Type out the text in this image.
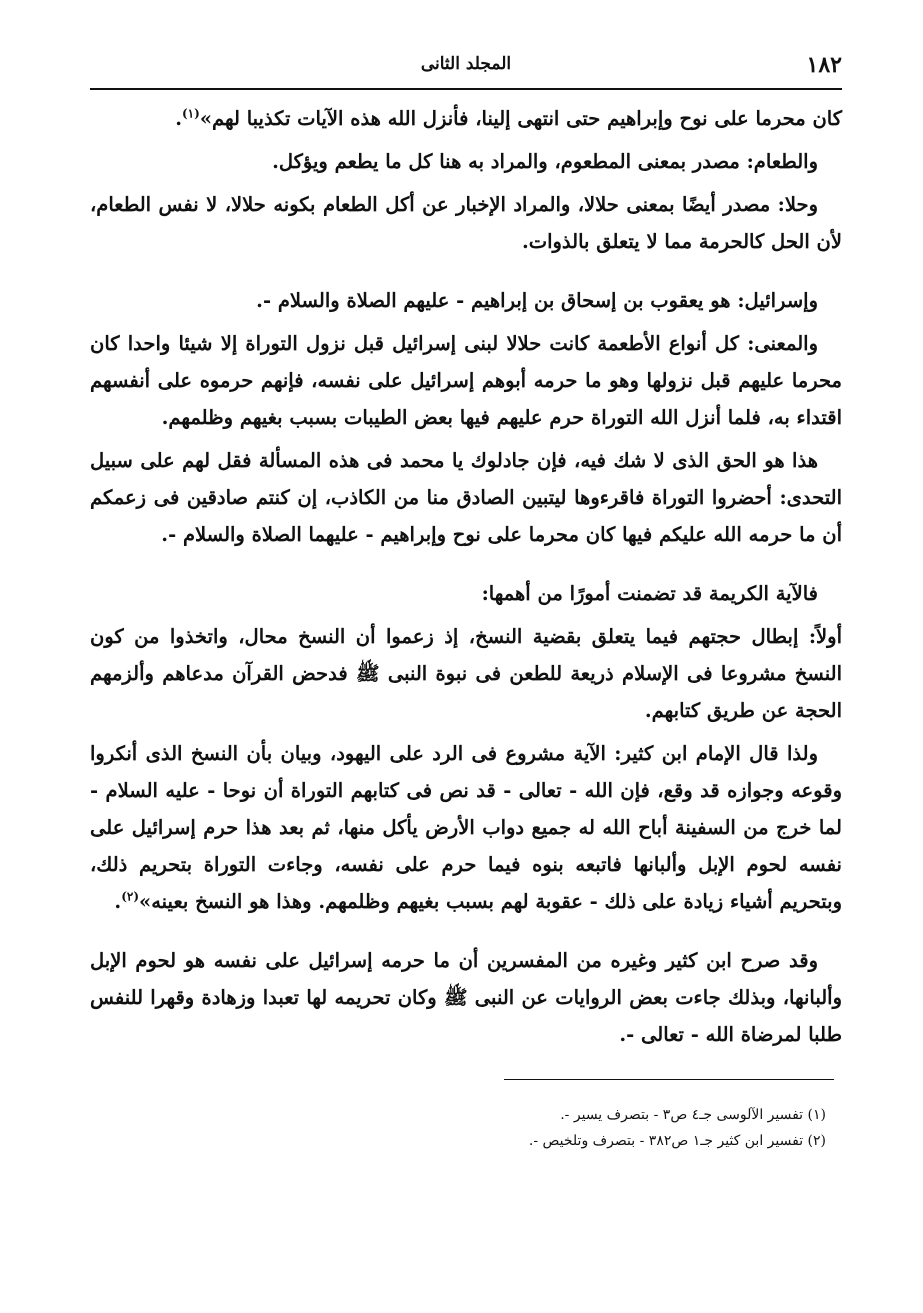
١٨٢
المجلد الثانى

كان محرما على نوح وإبراهيم حتى انتهى إلينا، فأنزل الله هذه الآيات تكذيبا لهم»$^{(١)}$.

والطعام: مصدر بمعنى المطعوم، والمراد به هنا كل ما يطعم ويؤكل.

وحلا: مصدر أيضًا بمعنى حلالا، والمراد الإخبار عن أكل الطعام بكونه حلالا، لا نفس الطعام، لأن الحل كالحرمة مما لا يتعلق بالذوات.

وإسرائيل: هو يعقوب بن إسحاق بن إبراهيم - عليهم الصلاة والسلام -.

والمعنى: كل أنواع الأطعمة كانت حلالا لبنى إسرائيل قبل نزول التوراة إلا شيئا واحدا كان محرما عليهم قبل نزولها وهو ما حرمه أبوهم إسرائيل على نفسه، فإنهم حرموه على أنفسهم اقتداء به، فلما أنزل الله التوراة حرم عليهم فيها بعض الطيبات بسبب بغيهم وظلمهم.

هذا هو الحق الذى لا شك فيه، فإن جادلوك يا محمد فى هذه المسألة فقل لهم على سبيل التحدى: أحضروا التوراة فاقرءوها ليتبين الصادق منا من الكاذب، إن كنتم صادقين فى زعمكم أن ما حرمه الله عليكم فيها كان محرما على نوح وإبراهيم - عليهما الصلاة والسلام -.

فالآية الكريمة قد تضمنت أمورًا من أهمها:

أولاً: إبطال حجتهم فيما يتعلق بقضية النسخ، إذ زعموا أن النسخ محال، واتخذوا من كون النسخ مشروعا فى الإسلام ذريعة للطعن فى نبوة النبى ﷺ فدحض القرآن مدعاهم وألزمهم الحجة عن طريق كتابهم.

ولذا قال الإمام ابن كثير: الآية مشروع فى الرد على اليهود، وبيان بأن النسخ الذى أنكروا وقوعه وجوازه قد وقع، فإن الله - تعالى - قد نص فى كتابهم التوراة أن نوحا - عليه السلام - لما خرج من السفينة أباح الله له جميع دواب الأرض يأكل منها، ثم بعد هذا حرم إسرائيل على نفسه لحوم الإبل وألبانها فاتبعه بنوه فيما حرم على نفسه، وجاءت التوراة بتحريم ذلك، وبتحريم أشياء زيادة على ذلك - عقوبة لهم بسبب بغيهم وظلمهم. وهذا هو النسخ بعينه»$^{(٢)}$.

وقد صرح ابن كثير وغيره من المفسرين أن ما حرمه إسرائيل على نفسه هو لحوم الإبل وألبانها، وبذلك جاءت بعض الروايات عن النبى ﷺ وكان تحريمه لها تعبدا وزهادة وقهرا للنفس طلبا لمرضاة الله - تعالى -.

(١) تفسير الآلوسى جـ٤ ص٣ - بتصرف يسير -.

(٢) تفسير ابن كثير جـ١ ص٣٨٢ - بتصرف وتلخيص -.
